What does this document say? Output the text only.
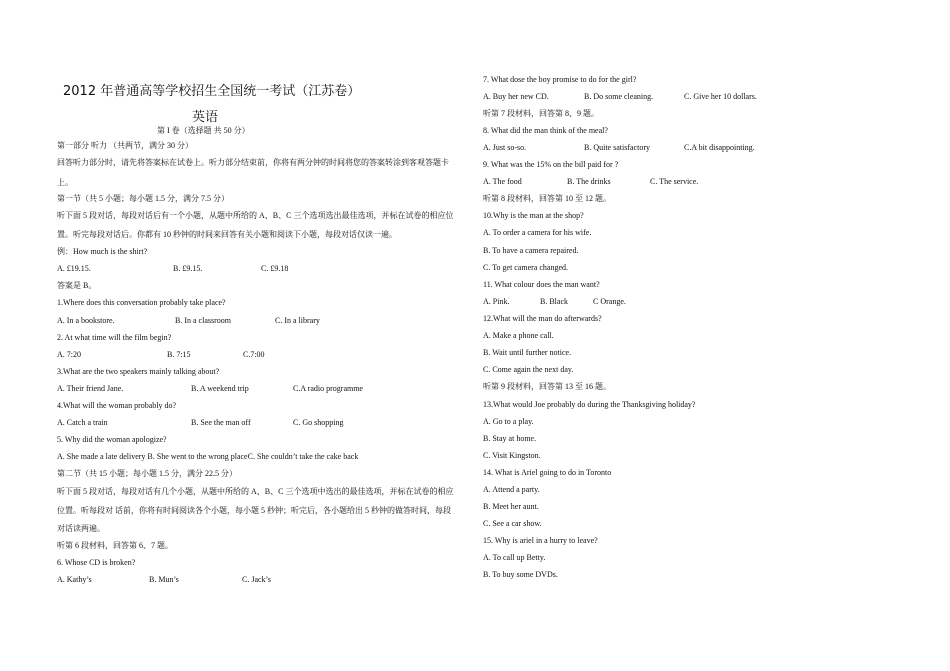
2012 年普通高等学校招生全国统一考试（江苏卷）
英语
第 I 卷（选择题 共 50 分）
第一部分 听力 （共两节，满分 30 分）
回答听力部分时，请先将答案标在试卷上。听力部分结束前，你将有两分钟的时间将您的答案转涂到客观答题卡
上。
第一节（共 5 小题；每小题 1.5 分，满分 7.5 分）
听下面 5 段对话，每段对话后有一个小题，从题中所给的 A、B、C 三个选项选出最佳选项，并标在试卷的相应位
置。听完每段对话后。你都有 10 秒钟的时间来回答有关小题和阅读下小题，每段对话仅读一遍。
例：How much is the shirt?
A. £19.15.	B. £9.15.	C. £9.18
答案是 B。
1.Where does this conversation probably take place?
A. In a bookstore.	B. In a classroom	C. In a library
2. At what time will the film begin?
A. 7:20	B. 7:15	C.7:00
3.What are the two speakers mainly talking about?
A. Their friend Jane.	B. A weekend trip	C.A radio programme
4.What will the woman probably do?
A. Catch a train	B. See the man off	C. Go shopping
5. Why did the woman apologize?
A. She made a late delivery B. She went to the wrong placeC. She couldn’t take the cake back
第二节（共 15 小题；每小题 1.5 分，满分 22.5 分）
听下面 5 段对话，每段对话有几个小题，从题中所给的 A、B、C 三个选项中选出的最佳选项，并标在试卷的相应
位置。听每段对 话前，你将有时间阅读各个小题，每小题 5 秒钟；听完后，各小题给出 5 秒钟的做答时间，每段
对话读两遍。
听第 6 段材料，回答第 6、7 题。
6. Whose CD is broken?
A. Kathy’s	B. Mun’s	C. Jack’s
7. What dose the boy promise to do for the girl?
A. Buy her new CD.	B. Do some cleaning.	C. Give her 10 dollars.
听第 7 段材料，回答第 8、9 题。
8. What did the man think of the meal?
A. Just so-so.	B. Quite satisfactory	C.A bit disappointing.
9. What was the 15% on the bill paid for ?
A. The food	B. The drinks	C. The service.
听第 8 段材料，回答第 10 至 12 题。
10.Why is the man at the shop?
A. To order a camera for his wife.
B. To have a camera repaired.
C. To get camera changed.
11. What colour does the man want?
A. Pink.	B. Black	C Orange.
12.What will the man do afterwards?
A. Make a phone call.
B. Wait until further notice.
C. Come again the next day.
听第 9 段材料，回答第 13 至 16 题。
13.What would Joe probably do during the Thanksgiving holiday?
A. Go to a play.
B. Stay at home.
C. Visit Kingston.
14. What is Ariel going to do in Toronto
A. Attend a party.
B. Meet her aunt.
C. See a car show.
15. Why is ariel in a hurry to leave?
A. To call up Betty.
B. To buy some DVDs.
